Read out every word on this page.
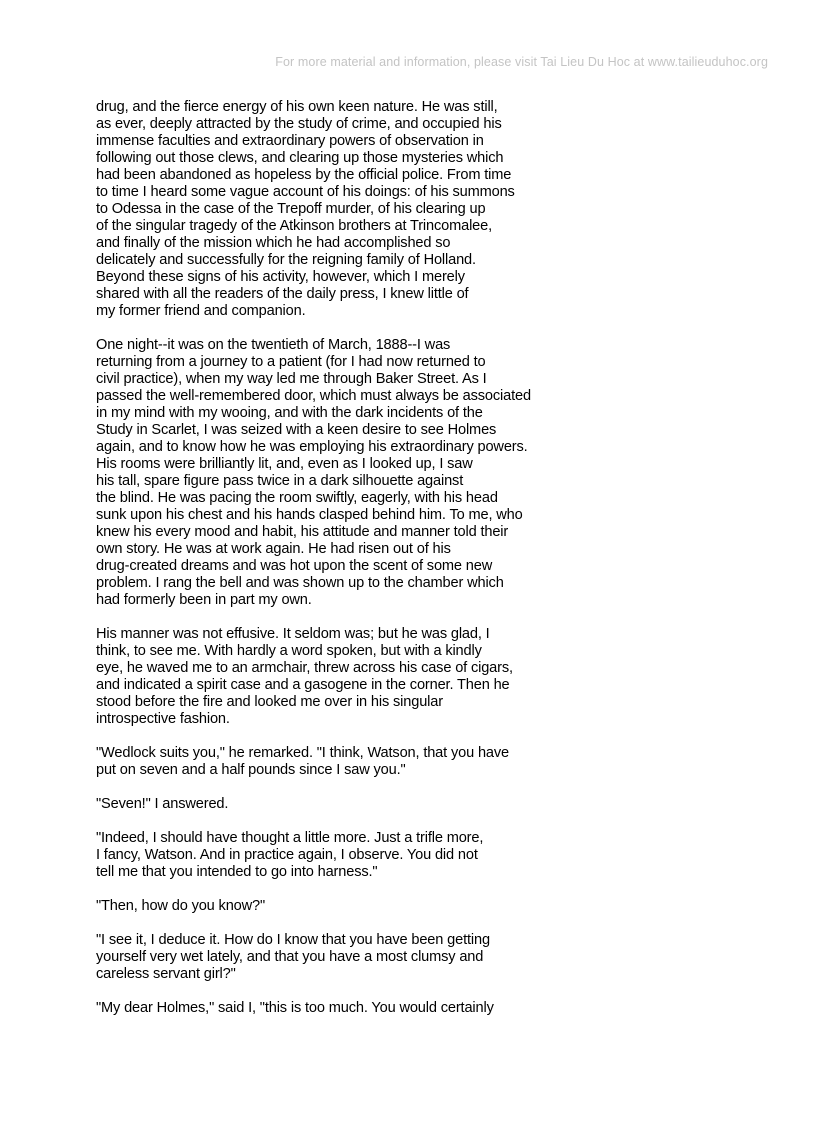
For more material and information, please visit Tai Lieu Du Hoc at www.tailieuduhoc.org
drug, and the fierce energy of his own keen nature. He was still,
as ever, deeply attracted by the study of crime, and occupied his
immense faculties and extraordinary powers of observation in
following out those clews, and clearing up those mysteries which
had been abandoned as hopeless by the official police. From time
to time I heard some vague account of his doings: of his summons
to Odessa in the case of the Trepoff murder, of his clearing up
of the singular tragedy of the Atkinson brothers at Trincomalee,
and finally of the mission which he had accomplished so
delicately and successfully for the reigning family of Holland.
Beyond these signs of his activity, however, which I merely
shared with all the readers of the daily press, I knew little of
my former friend and companion.
One night--it was on the twentieth of March, 1888--I was
returning from a journey to a patient (for I had now returned to
civil practice), when my way led me through Baker Street. As I
passed the well-remembered door, which must always be associated
in my mind with my wooing, and with the dark incidents of the
Study in Scarlet, I was seized with a keen desire to see Holmes
again, and to know how he was employing his extraordinary powers.
His rooms were brilliantly lit, and, even as I looked up, I saw
his tall, spare figure pass twice in a dark silhouette against
the blind. He was pacing the room swiftly, eagerly, with his head
sunk upon his chest and his hands clasped behind him. To me, who
knew his every mood and habit, his attitude and manner told their
own story. He was at work again. He had risen out of his
drug-created dreams and was hot upon the scent of some new
problem. I rang the bell and was shown up to the chamber which
had formerly been in part my own.
His manner was not effusive. It seldom was; but he was glad, I
think, to see me. With hardly a word spoken, but with a kindly
eye, he waved me to an armchair, threw across his case of cigars,
and indicated a spirit case and a gasogene in the corner. Then he
stood before the fire and looked me over in his singular
introspective fashion.
"Wedlock suits you," he remarked. "I think, Watson, that you have
put on seven and a half pounds since I saw you."
"Seven!" I answered.
"Indeed, I should have thought a little more. Just a trifle more,
I fancy, Watson. And in practice again, I observe. You did not
tell me that you intended to go into harness."
"Then, how do you know?"
"I see it, I deduce it. How do I know that you have been getting
yourself very wet lately, and that you have a most clumsy and
careless servant girl?"
"My dear Holmes," said I, "this is too much. You would certainly
